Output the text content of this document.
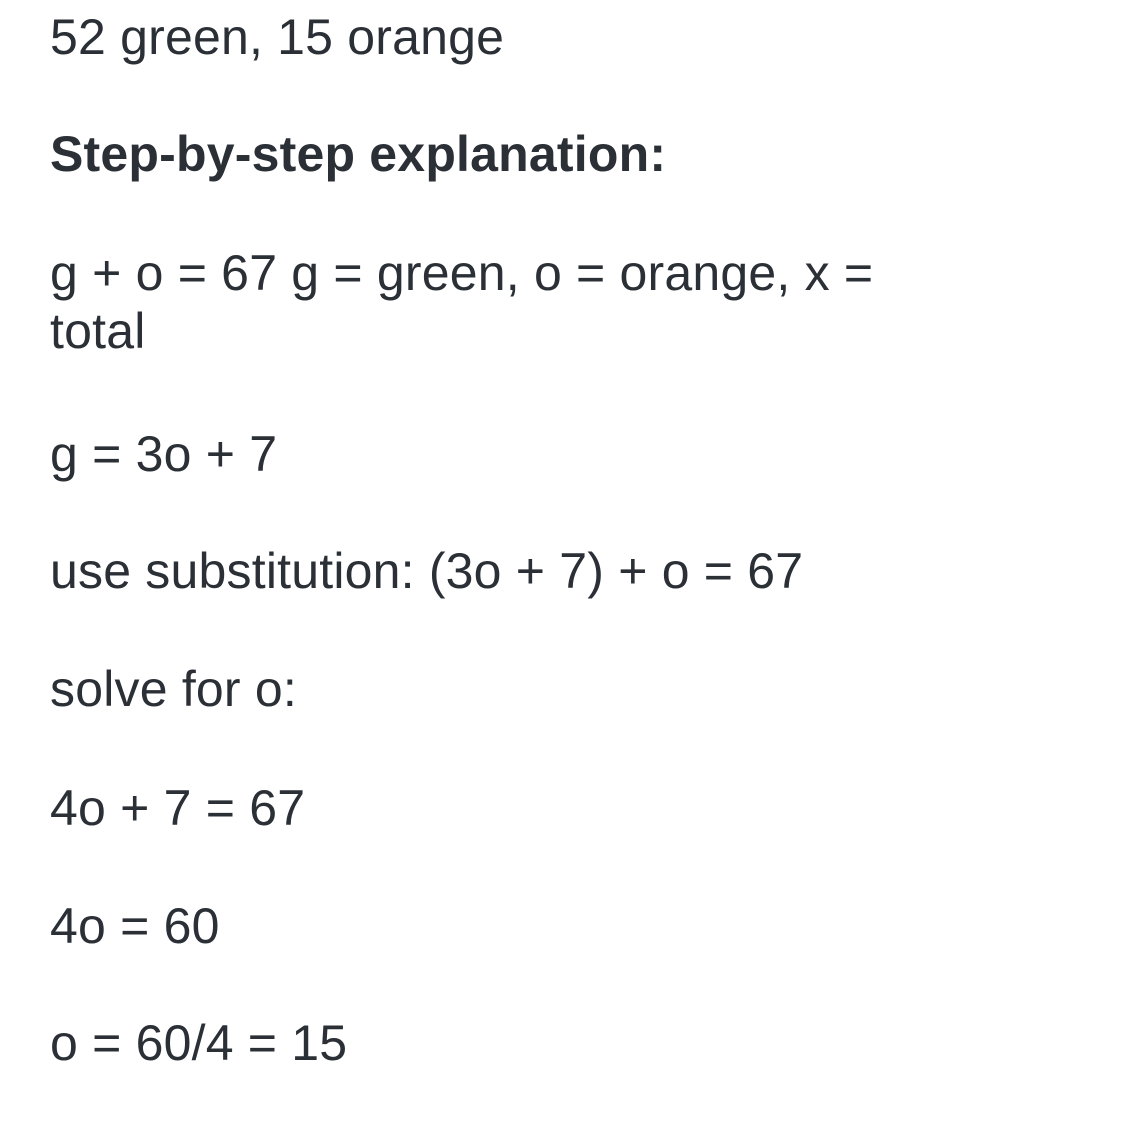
52 green, 15 orange
Step-by-step explanation:
g + o = 67 g = green, o = orange, x = total
g = 3o + 7
use substitution: (3o + 7) + o = 67
solve for o:
4o + 7 = 67
4o = 60
o = 60/4 = 15
